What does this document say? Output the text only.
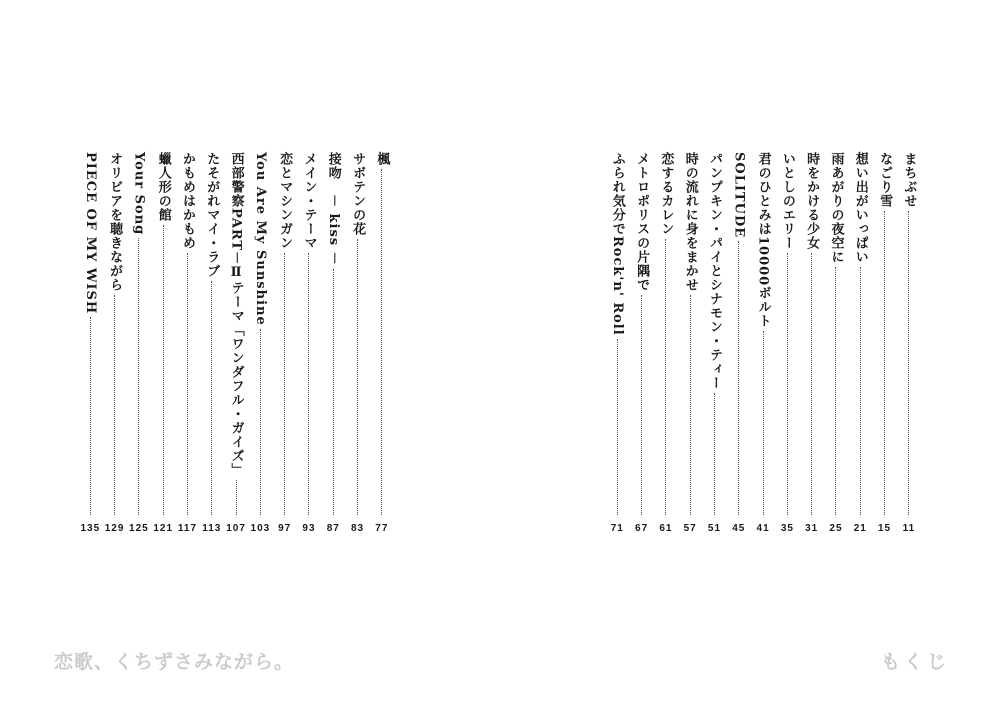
まちぶせ
11
なごり雪
15
想い出がいっぱい
21
雨あがりの夜空に
25
時をかける少女
31
いとしのエリー
35
君のひとみは10000ボルト
41
SOLITUDE
45
パンプキン・パイとシナモン・ティー
51
時の流れに身をまかせ
57
恋するカレン
61
メトロポリスの片隅で
67
ふられ気分でRock'n' Roll
71
楓
77
サボテンの花
83
接吻　－ kiss －
87
メイン・テーマ
93
恋とマシンガン
97
You Are My Sunshine
103
西部警察PART－Ⅱテーマ「ワンダフル・ガイズ」
107
たそがれマイ・ラブ
113
かもめはかもめ
117
蠟人形の館
121
Your Song
125
オリビアを聴きながら
129
PIECE OF MY WISH
135
恋歌、くちずさみながら。	もくじ
